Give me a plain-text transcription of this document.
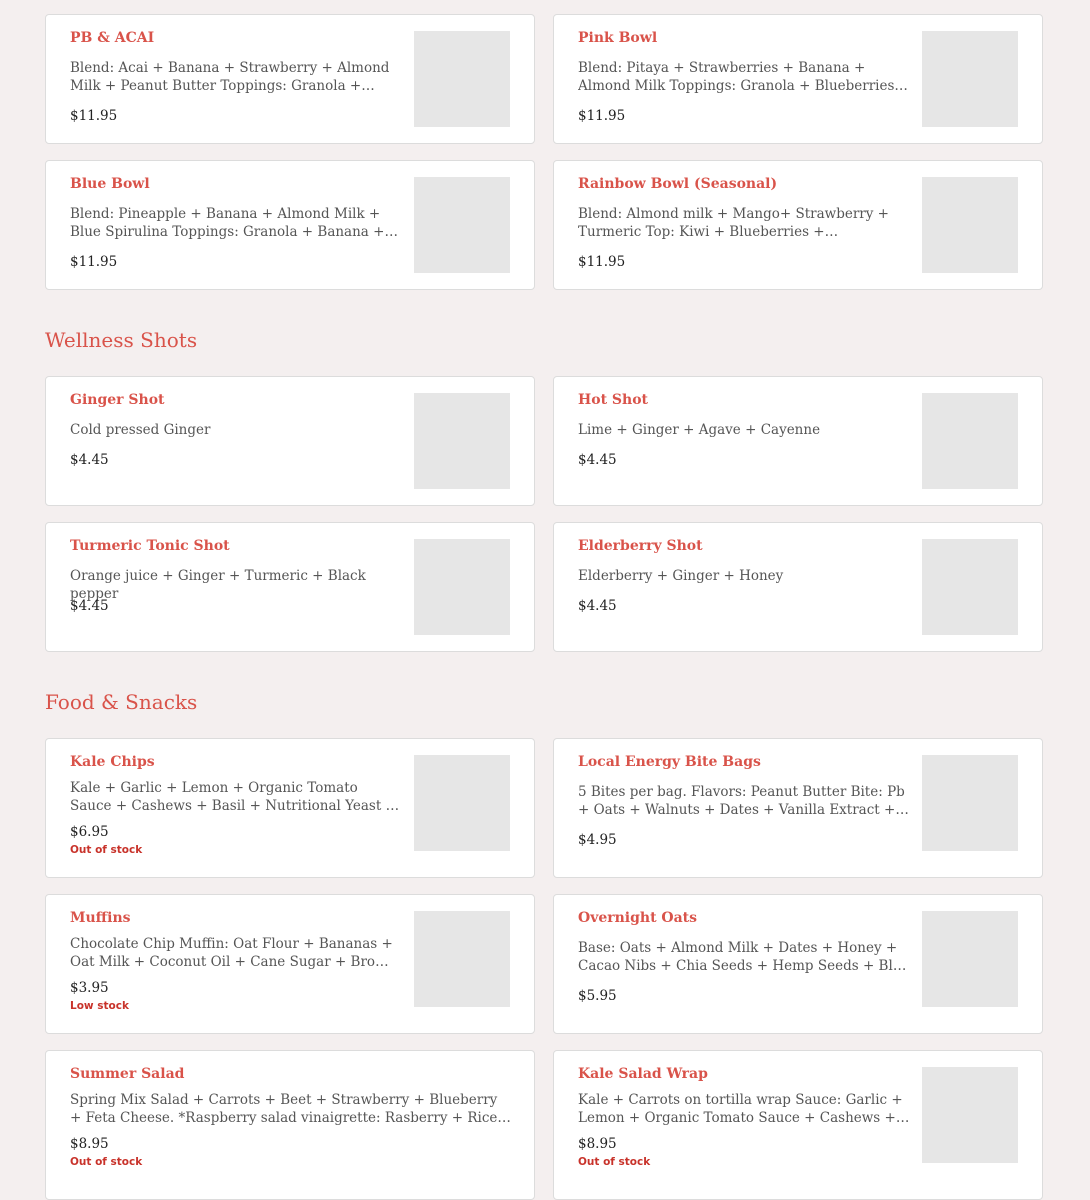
PB & ACAI
Blend: Acai + Banana + Strawberry + Almond Milk + Peanut Butter Toppings: Granola +
$11.95
Pink Bowl
Blend: Pitaya + Strawberries + Banana + Almond Milk Toppings: Granola + Blueberries +
$11.95
Blue Bowl
Blend: Pineapple + Banana + Almond Milk + Blue Spirulina Toppings: Granola + Banana +
$11.95
Rainbow Bowl (Seasonal)
Blend: Almond milk + Mango+ Strawberry + Turmeric Top: Kiwi + Blueberries +
$11.95
Wellness Shots
Ginger Shot
Cold pressed Ginger
$4.45
Hot Shot
Lime + Ginger + Agave + Cayenne
$4.45
Turmeric Tonic Shot
Orange juice + Ginger + Turmeric + Black pepper
$4.45
Elderberry Shot
Elderberry + Ginger + Honey
$4.45
Food & Snacks
Kale Chips
Kale + Garlic + Lemon + Organic Tomato Sauce + Cashews + Basil + Nutritional Yeast +
$6.95
Out of stock
Local Energy Bite Bags
5 Bites per bag. Flavors: Peanut Butter Bite: Pb + Oats + Walnuts + Dates + Vanilla Extract +
$4.95
Muffins
Chocolate Chip Muffin: Oat Flour + Bananas + Oat Milk + Coconut Oil + Cane Sugar + Brown
$3.95
Low stock
Overnight Oats
Base: Oats + Almond Milk + Dates + Honey + Cacao Nibs + Chia Seeds + Hemp Seeds + Blue
$5.95
Summer Salad
Spring Mix Salad + Carrots + Beet + Strawberry + Blueberry + Feta Cheese. *Raspberry salad vinaigrette: Rasberry + Rice
$8.95
Out of stock
Kale Salad Wrap
Kale + Carrots on tortilla wrap Sauce: Garlic + Lemon + Organic Tomato Sauce + Cashews +
$8.95
Out of stock
